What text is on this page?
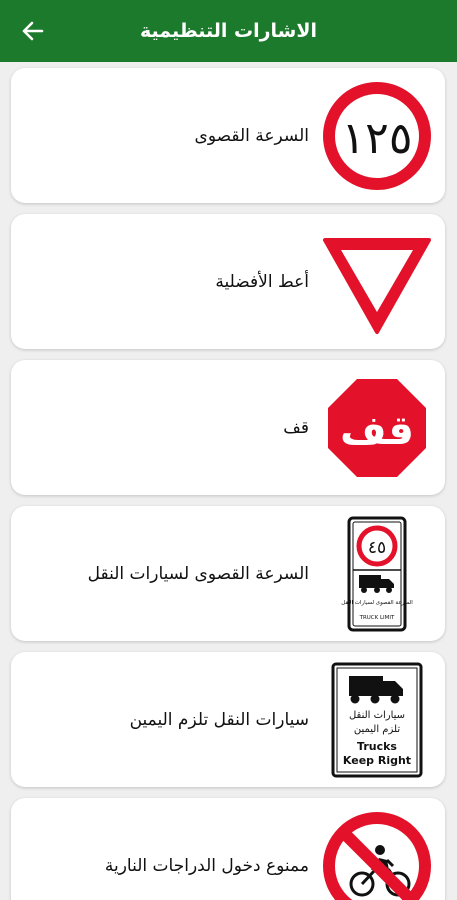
الاشارات التنظيمية
١٢٥
السرعة القصوى
أعط الأفضلية
قف
قف
٤٥
السرعة القصوى لسيارات النقل
TRUCK LIMIT
السرعة القصوى لسيارات النقل
سيارات النقل
تلزم اليمين
Trucks
Keep Right
سيارات النقل تلزم اليمين
ممنوع دخول الدراجات النارية
